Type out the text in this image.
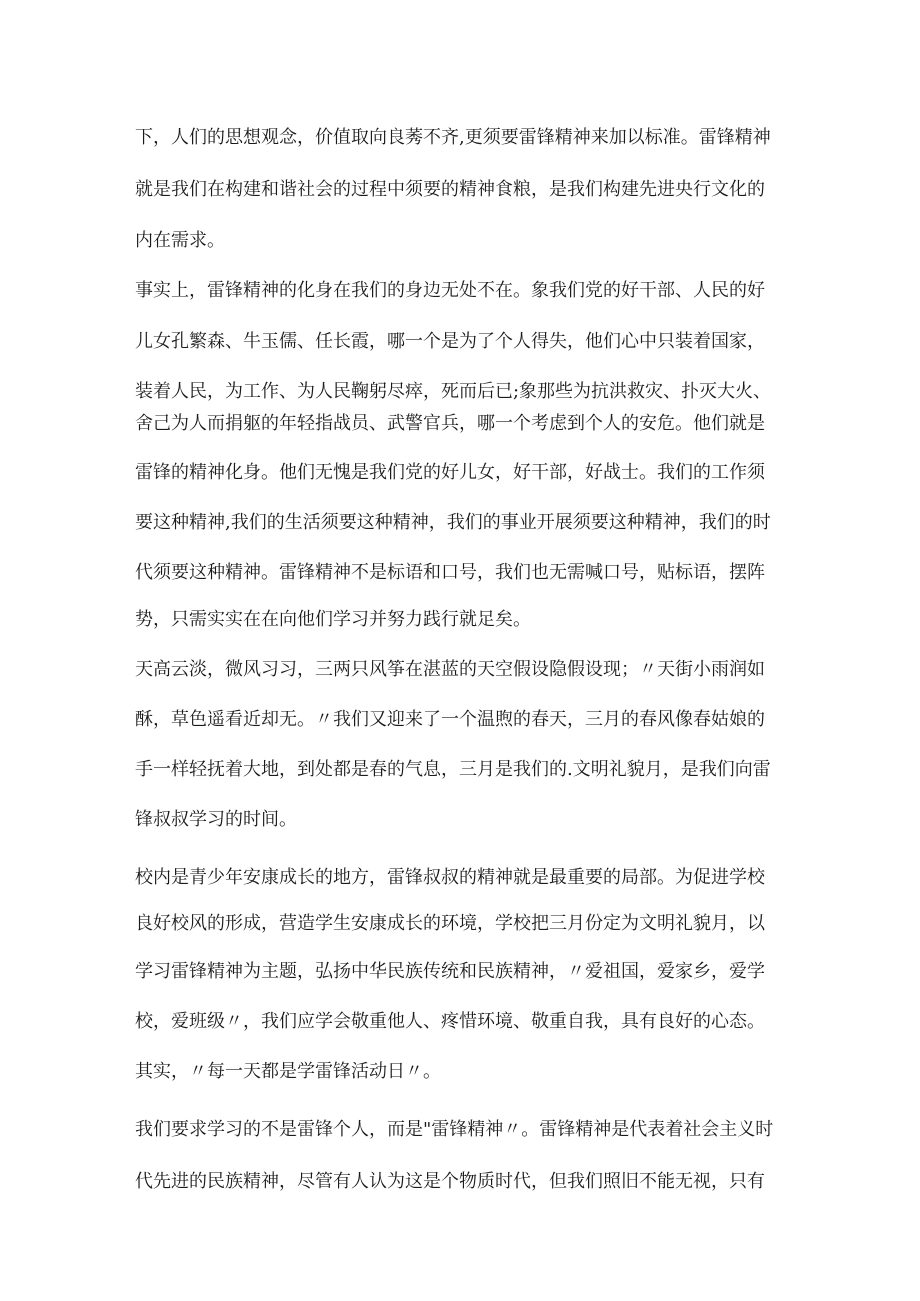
下，人们的思想观念，价值取向良莠不齐,更须要雷锋精神来加以标准。雷锋精神
就是我们在构建和谐社会的过程中须要的精神食粮，是我们构建先进央行文化的
内在需求。
事实上，雷锋精神的化身在我们的身边无处不在。象我们党的好干部、人民的好
儿女孔繁森、牛玉儒、任长霞，哪一个是为了个人得失，他们心中只装着国家，
装着人民，为工作、为人民鞠躬尽瘁，死而后已;象那些为抗洪救灾、扑灭大火、
舍己为人而捐躯的年轻指战员、武警官兵，哪一个考虑到个人的安危。他们就是
雷锋的精神化身。他们无愧是我们党的好儿女，好干部，好战士。我们的工作须
要这种精神,我们的生活须要这种精神，我们的事业开展须要这种精神，我们的时
代须要这种精神。雷锋精神不是标语和口号，我们也无需喊口号，贴标语，摆阵
势，只需实实在在向他们学习并努力践行就足矣。
天高云淡，微风习习，三两只风筝在湛蓝的天空假设隐假设现；〃天街小雨润如
酥，草色遥看近却无。〃我们又迎来了一个温煦的春天，三月的春风像春姑娘的
手一样轻抚着大地，到处都是春的气息，三月是我们的.文明礼貌月，是我们向雷
锋叔叔学习的时间。
校内是青少年安康成长的地方，雷锋叔叔的精神就是最重要的局部。为促进学校
良好校风的形成，营造学生安康成长的环境，学校把三月份定为文明礼貌月，以
学习雷锋精神为主题，弘扬中华民族传统和民族精神，〃爱祖国，爱家乡，爱学
校，爱班级〃，我们应学会敬重他人、疼惜环境、敬重自我，具有良好的心态。
其实，〃每一天都是学雷锋活动日〃。
我们要求学习的不是雷锋个人，而是"雷锋精神〃。雷锋精神是代表着社会主义时
代先进的民族精神，尽管有人认为这是个物质时代，但我们照旧不能无视，只有
